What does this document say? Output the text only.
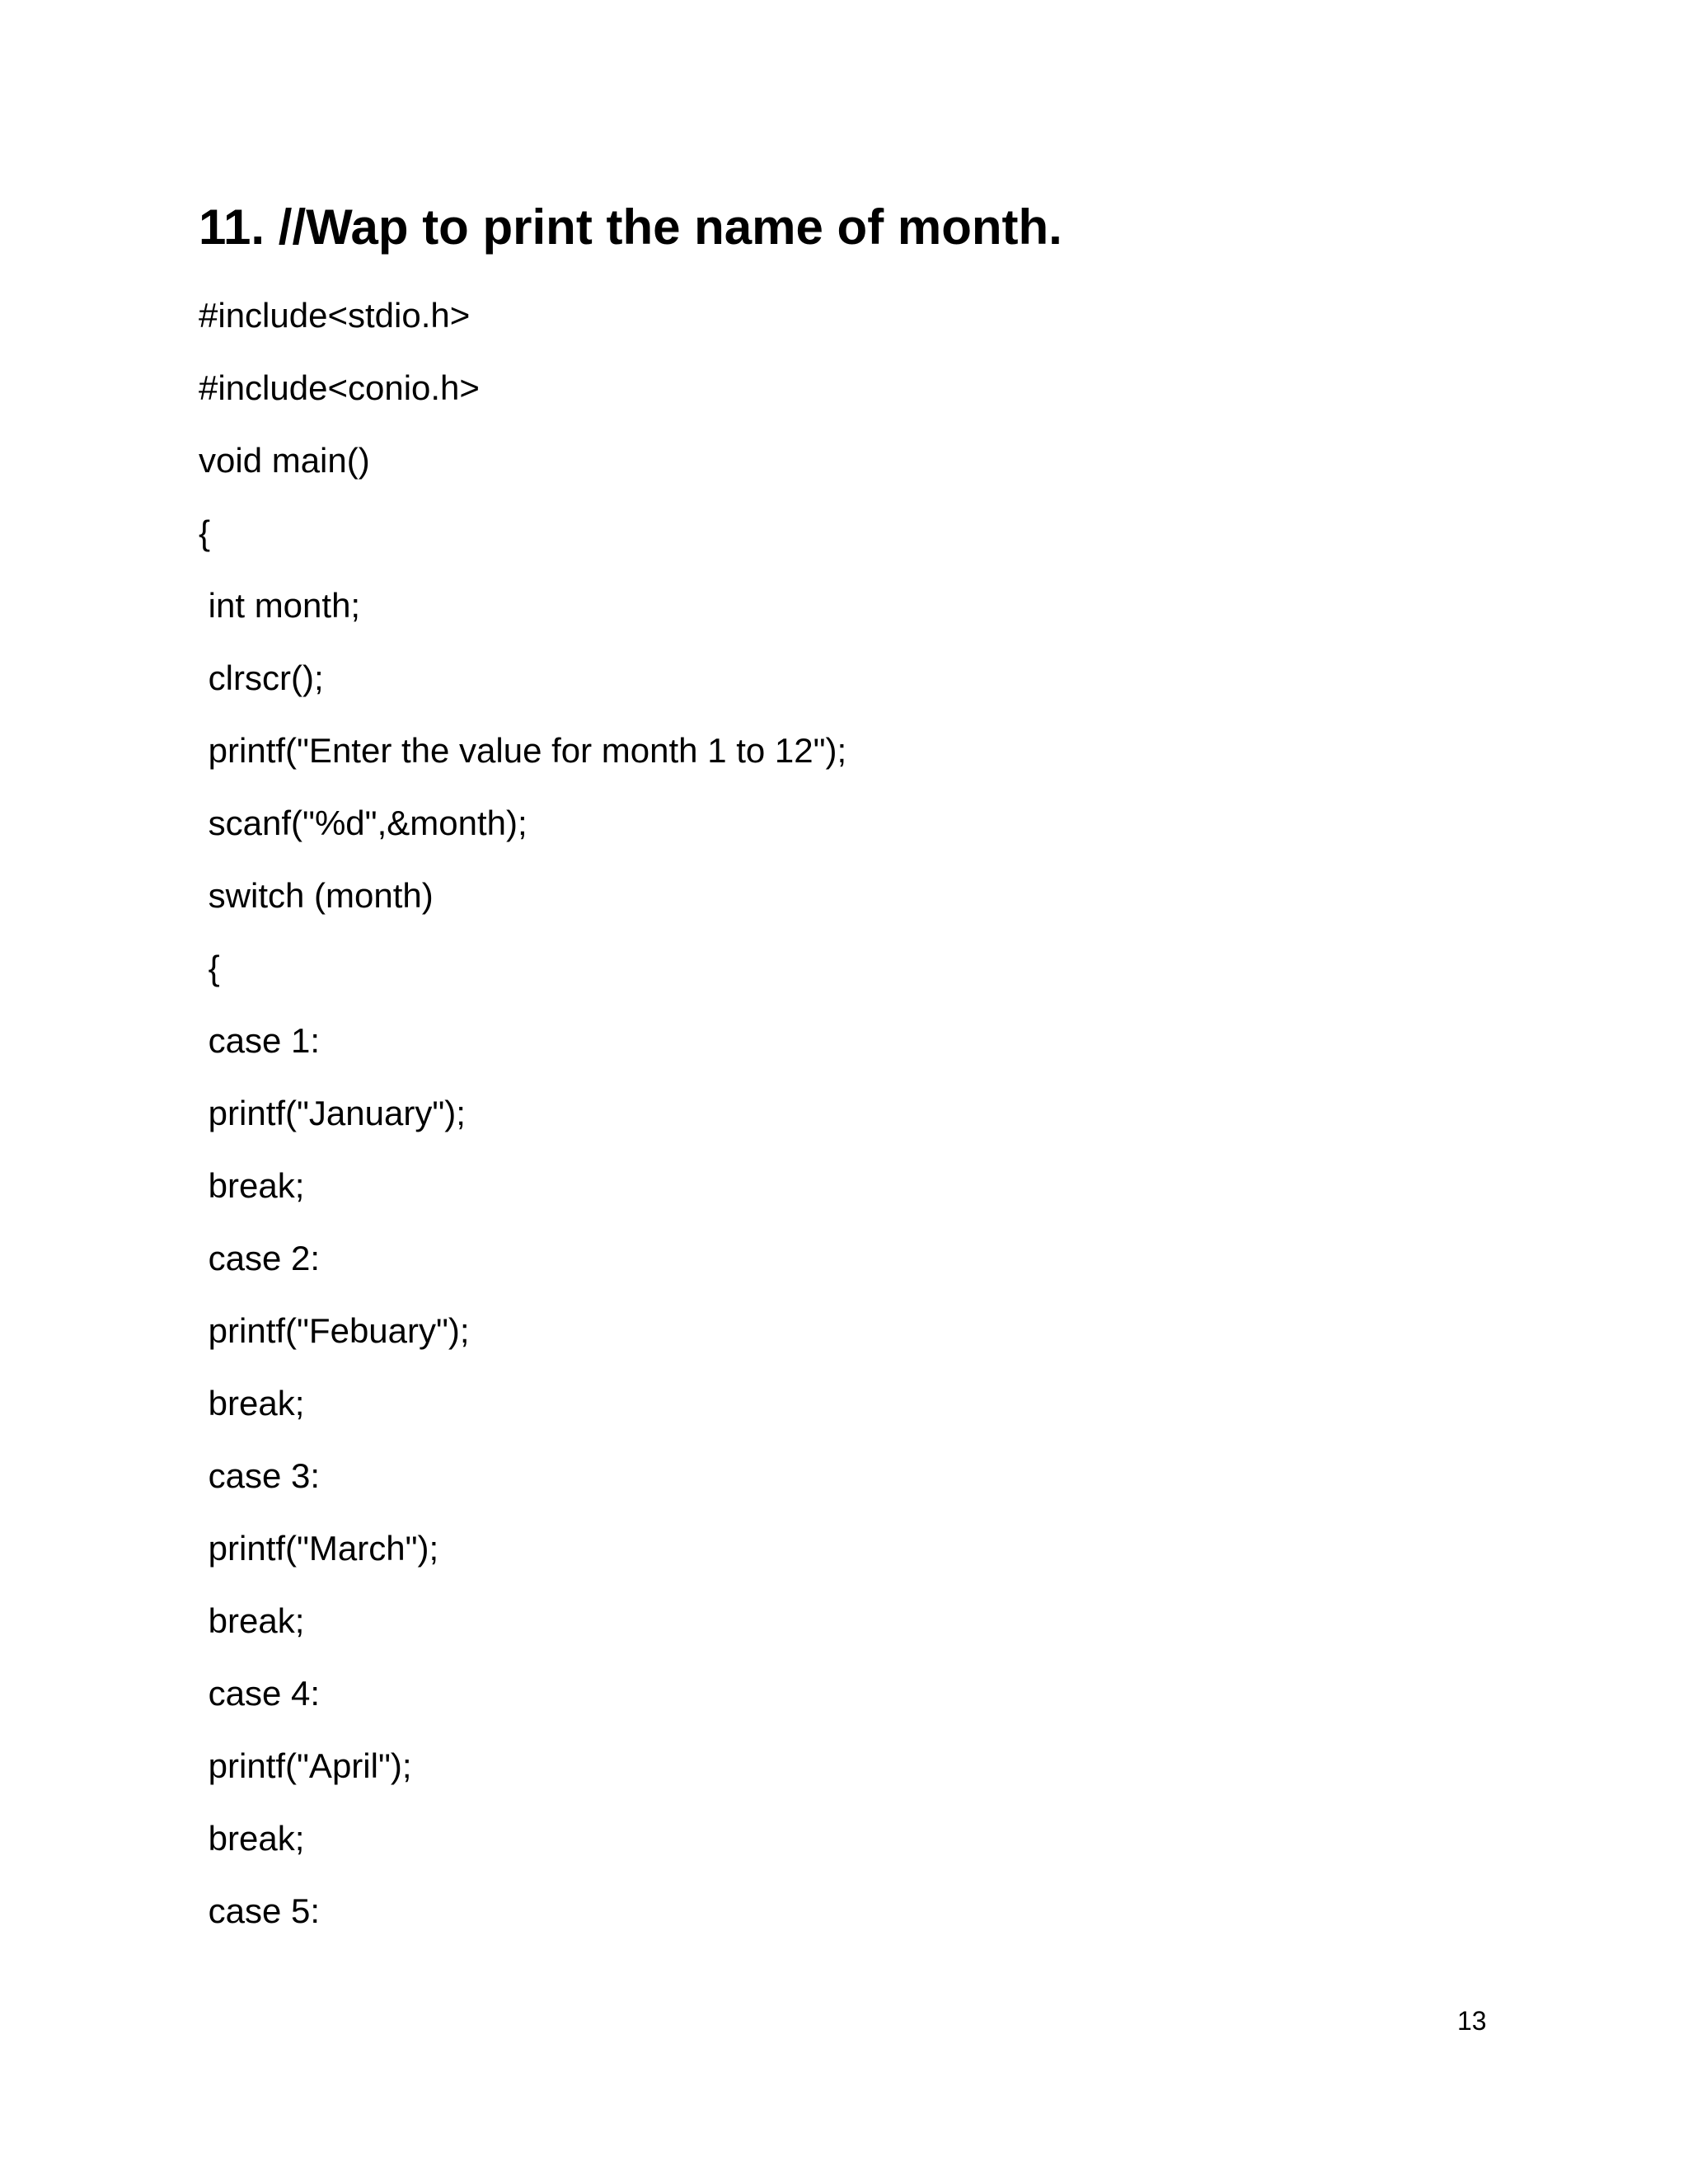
11. //Wap to print the name of month.
#include<stdio.h>
#include<conio.h>
void main()
{
int month;
clrscr();
printf("Enter the value for month 1 to 12");
scanf("%d",&month);
switch (month)
{
case 1:
printf("January");
break;
case 2:
printf("Febuary");
break;
case 3:
printf("March");
break;
case 4:
printf("April");
break;
case 5:
13
